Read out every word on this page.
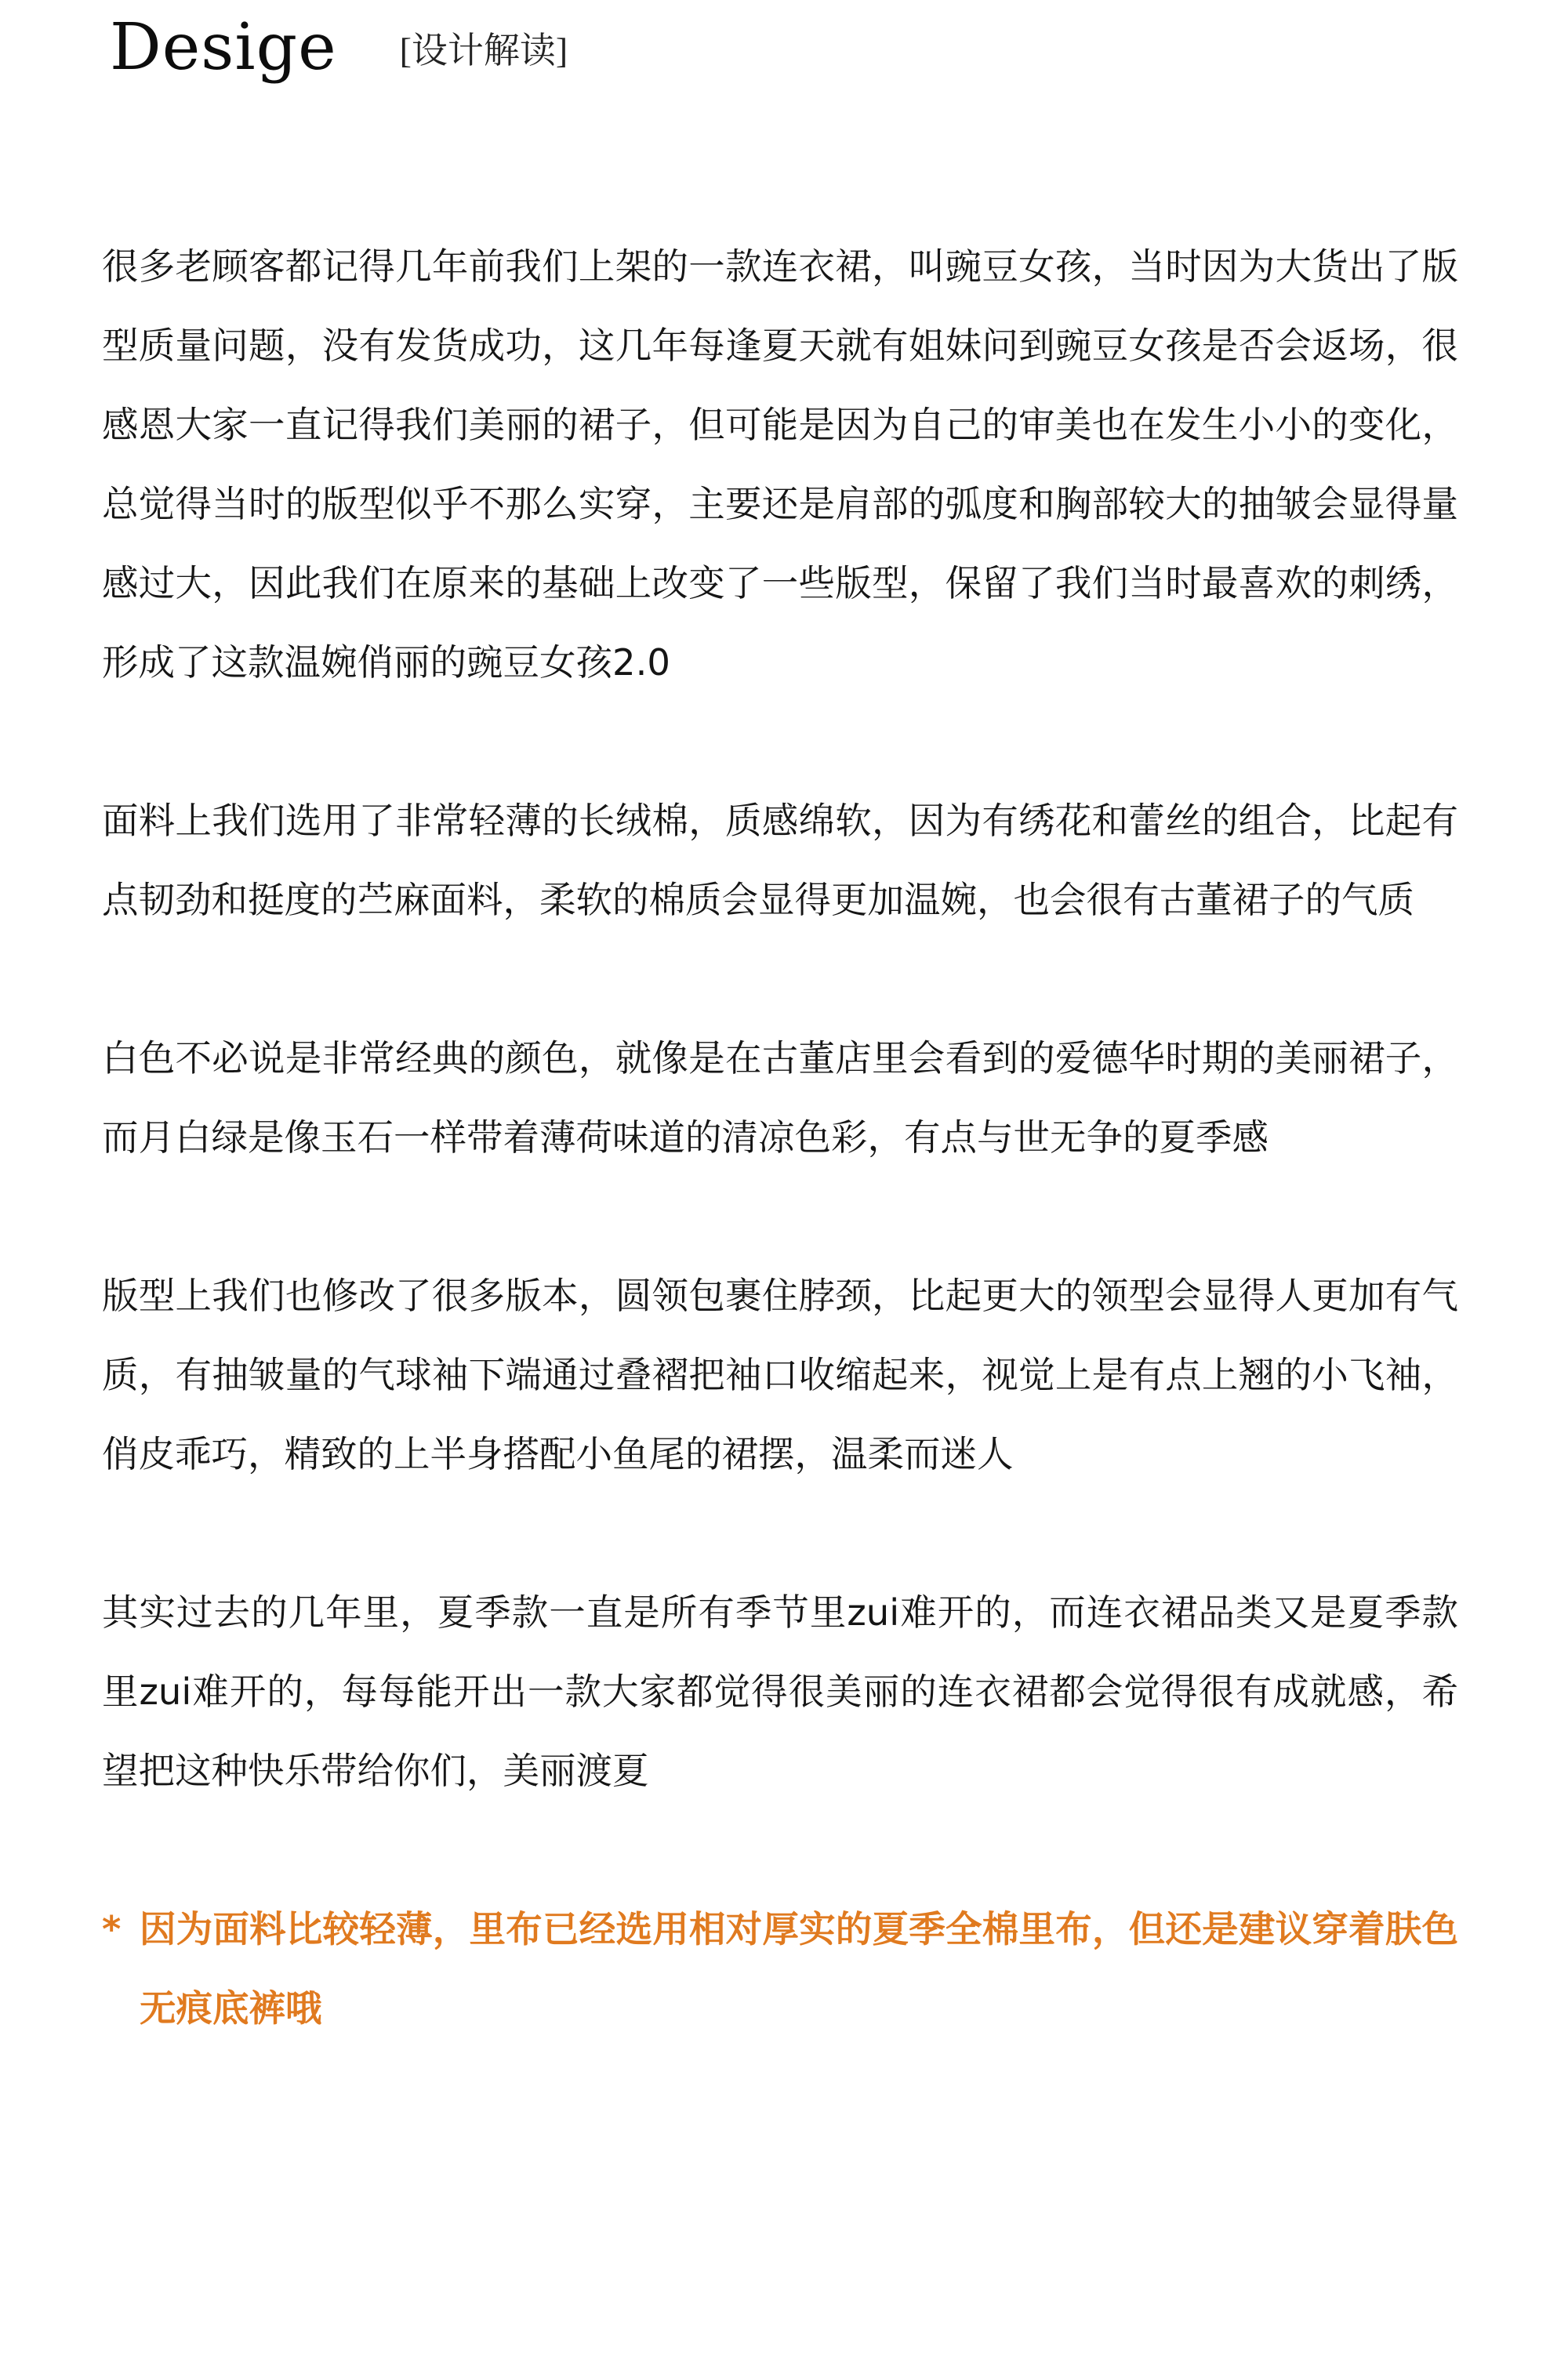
Desige [设计解读]

很多老顾客都记得几年前我们上架的一款连衣裙，叫豌豆女孩，当时因为大货出了版型质量问题，没有发货成功，这几年每逢夏天就有姐妹问到豌豆女孩是否会返场，很感恩大家一直记得我们美丽的裙子，但可能是因为自己的审美也在发生小小的变化，总觉得当时的版型似乎不那么实穿，主要还是肩部的弧度和胸部较大的抽皱会显得量感过大，因此我们在原来的基础上改变了一些版型，保留了我们当时最喜欢的刺绣，形成了这款温婉俏丽的豌豆女孩2.0

面料上我们选用了非常轻薄的长绒棉，质感绵软，因为有绣花和蕾丝的组合，比起有点韧劲和挺度的苎麻面料，柔软的棉质会显得更加温婉，也会很有古董裙子的气质

白色不必说是非常经典的颜色，就像是在古董店里会看到的爱德华时期的美丽裙子，而月白绿是像玉石一样带着薄荷味道的清凉色彩，有点与世无争的夏季感

版型上我们也修改了很多版本，圆领包裹住脖颈，比起更大的领型会显得人更加有气质，有抽皱量的气球袖下端通过叠褶把袖口收缩起来，视觉上是有点上翘的小飞袖，俏皮乖巧，精致的上半身搭配小鱼尾的裙摆，温柔而迷人

其实过去的几年里，夏季款一直是所有季节里zui难开的，而连衣裙品类又是夏季款里zui难开的，每每能开出一款大家都觉得很美丽的连衣裙都会觉得很有成就感，希望把这种快乐带给你们，美丽渡夏

* 因为面料比较轻薄，里布已经选用相对厚实的夏季全棉里布，但还是建议穿着肤色无痕底裤哦
